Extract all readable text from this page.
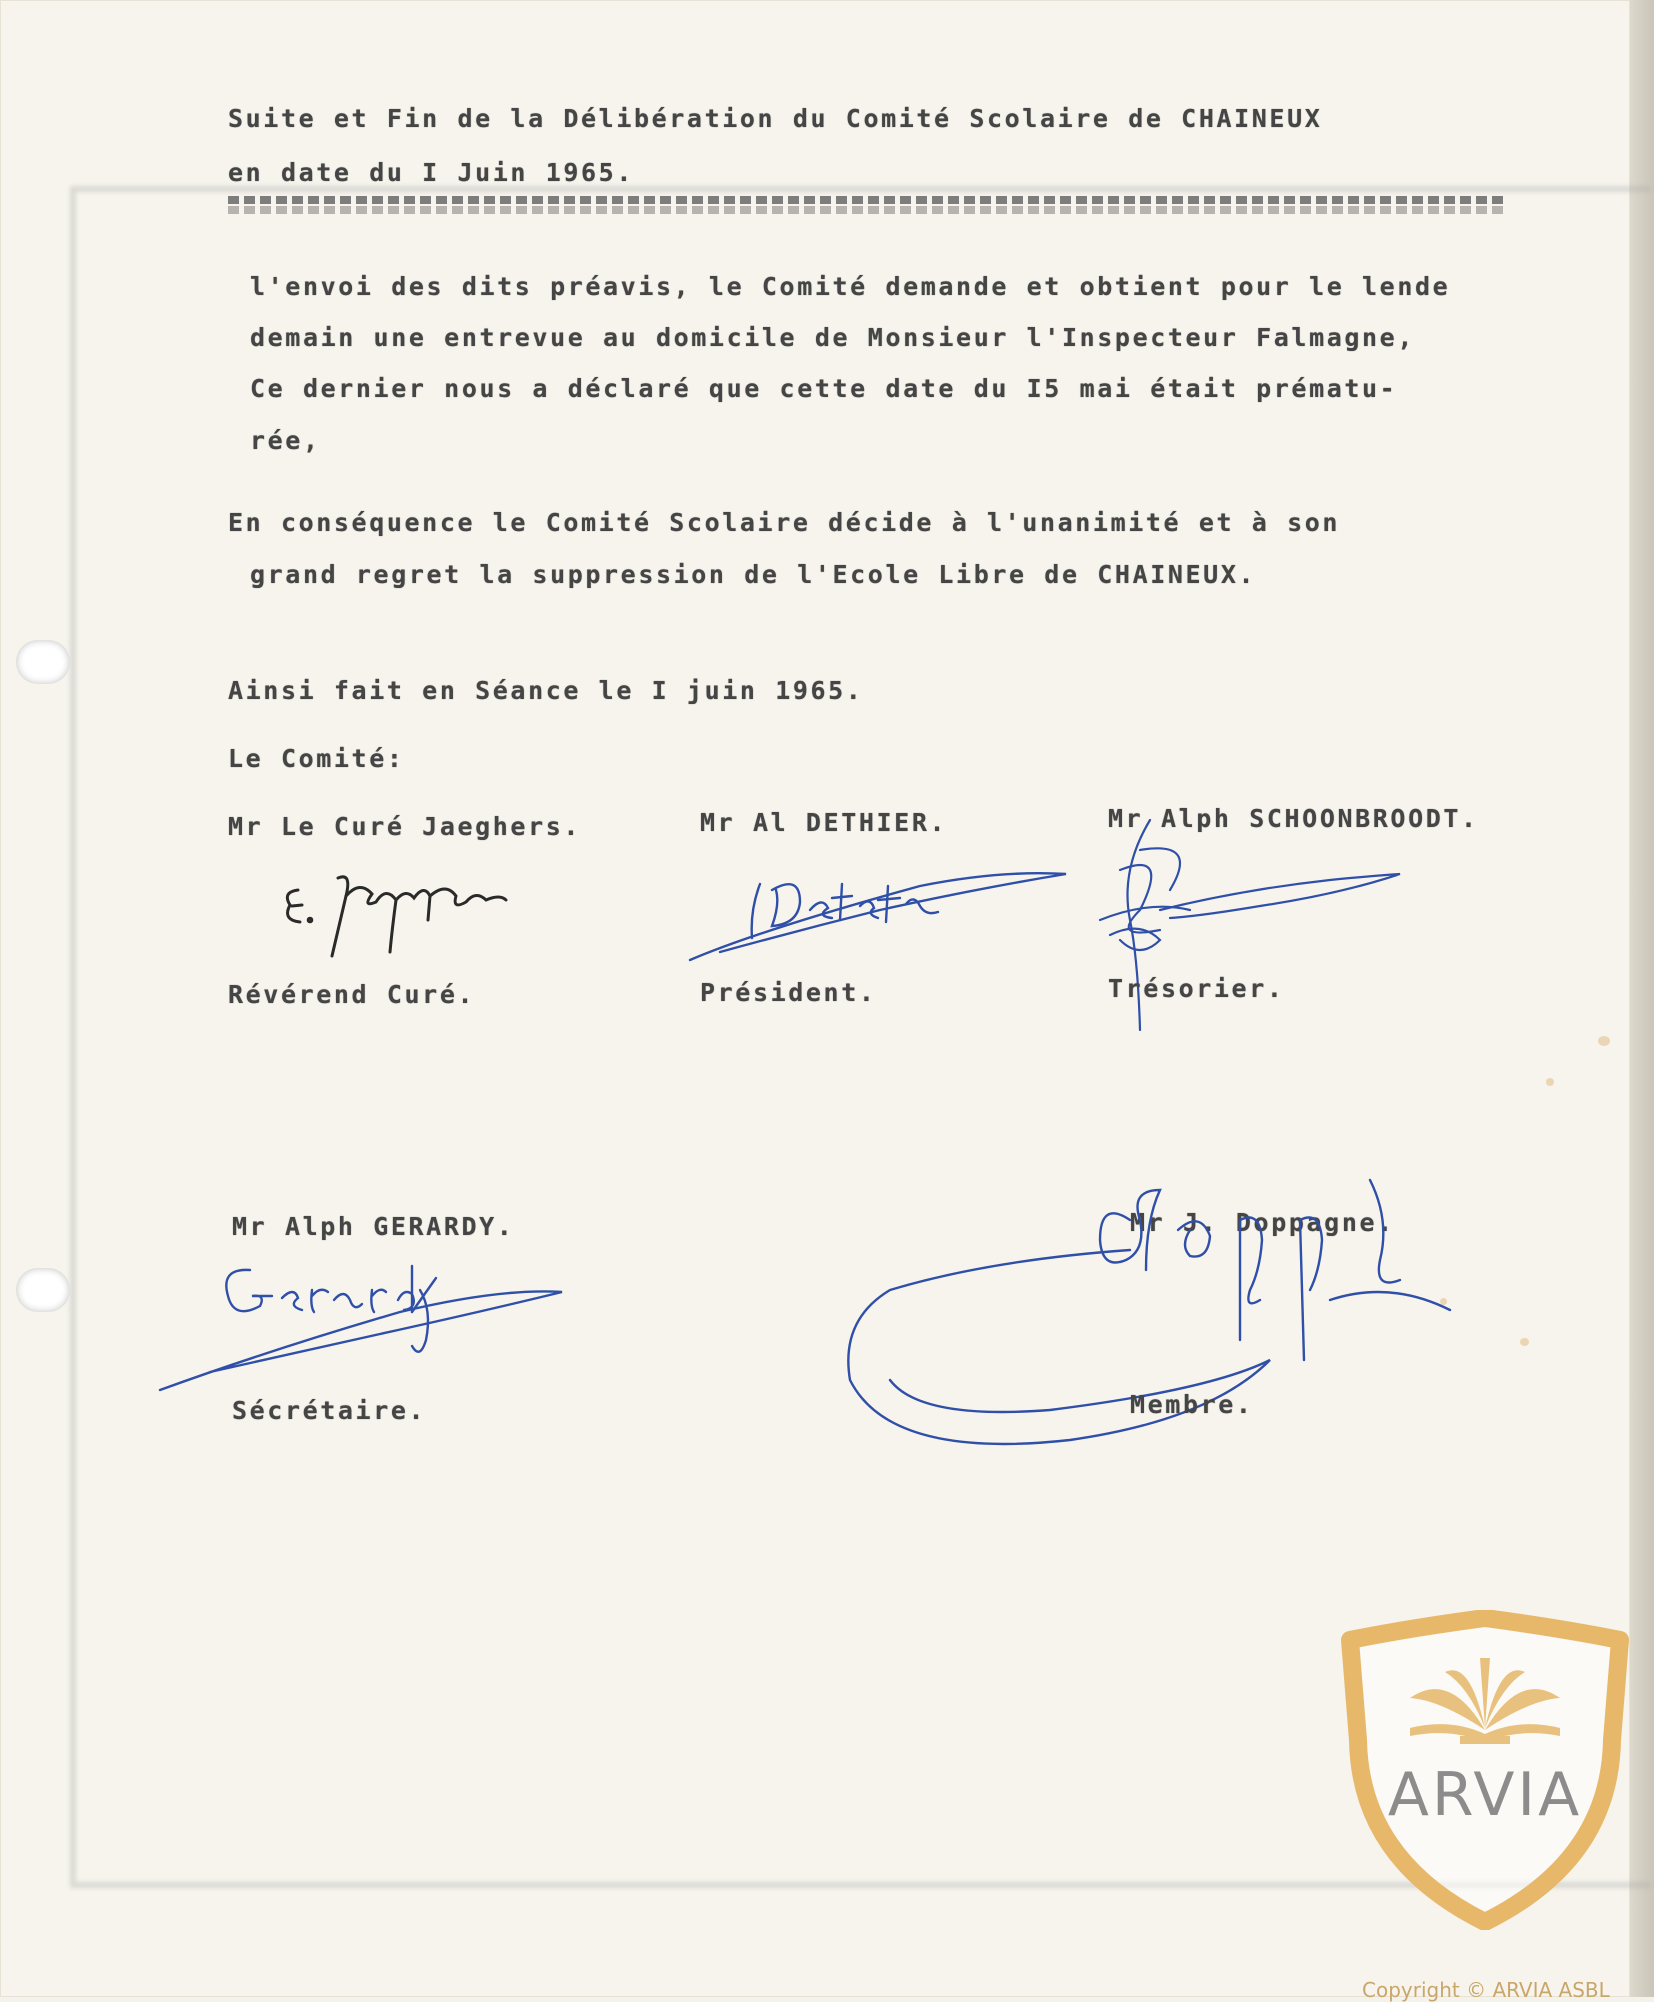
Suite et Fin de la Délibération du Comité Scolaire de CHAINEUX
en date du I Juin 1965.
l'envoi des dits préavis, le Comité demande et obtient pour le lende
demain une entrevue au domicile de Monsieur l'Inspecteur Falmagne,
Ce dernier nous a déclaré que cette date du I5 mai était prématu-
rée,
En conséquence le Comité Scolaire décide à l'unanimité et à son
grand regret la suppression de l'Ecole Libre de CHAINEUX.
Ainsi fait en Séance le I juin 1965.
Le Comité:
Mr Le Curé Jaeghers.
Révérend Curé.
Mr Al DETHIER.
Président.
Mr Alph SCHOONBROODT.
Trésorier.
Mr Alph GERARDY.
Sécrétaire.
Mr J. Doppagne.
Membre.
ARVIA
Copyright © ARVIA ASBL
